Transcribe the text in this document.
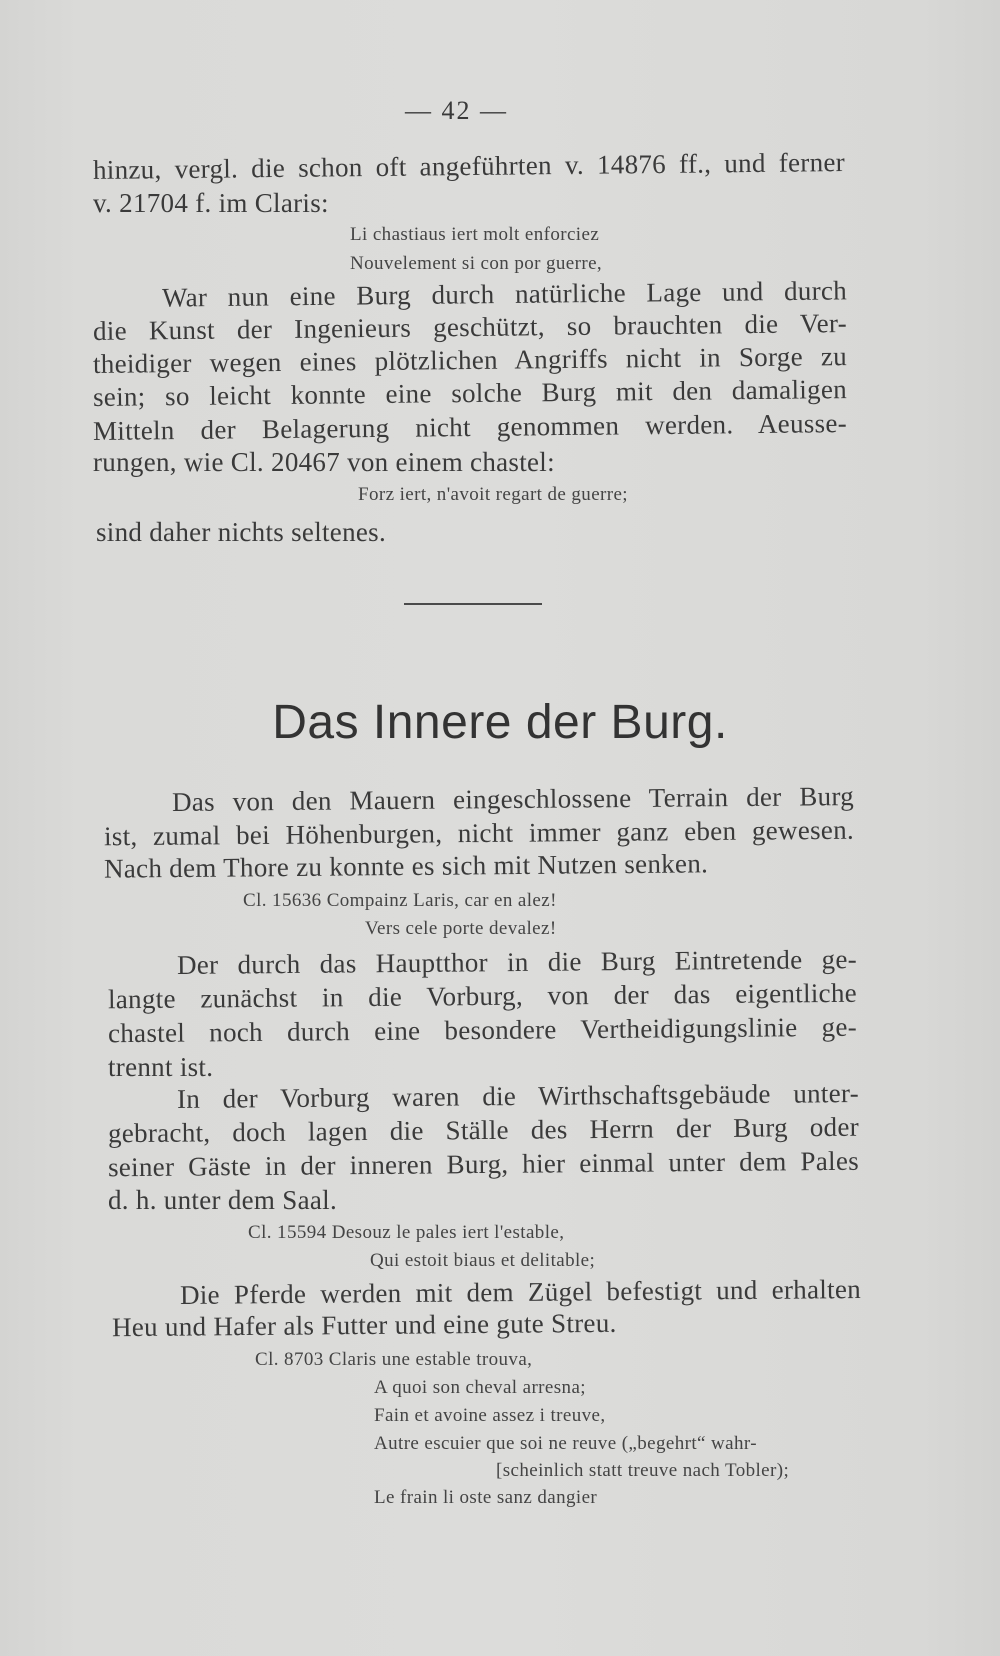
— 42 —
hinzu, vergl. die schon oft angeführten v. 14876 ff., und ferner
v. 21704 f. im Claris:
Li chastiaus iert molt enforciez
Nouvelement si con por guerre,
War nun eine Burg durch natürliche Lage und durch
die Kunst der Ingenieurs geschützt, so brauchten die Ver-
theidiger wegen eines plötzlichen Angriffs nicht in Sorge zu
sein; so leicht konnte eine solche Burg mit den damaligen
Mitteln der Belagerung nicht genommen werden. Aeusse-
rungen, wie Cl. 20467 von einem chastel:
Forz iert, n'avoit regart de guerre;
sind daher nichts seltenes.
Das Innere der Burg.
Das von den Mauern eingeschlossene Terrain der Burg
ist, zumal bei Höhenburgen, nicht immer ganz eben gewesen.
Nach dem Thore zu konnte es sich mit Nutzen senken.
Cl. 15636 Compainz Laris, car en alez!
Vers cele porte devalez!
Der durch das Hauptthor in die Burg Eintretende ge-
langte zunächst in die Vorburg, von der das eigentliche
chastel noch durch eine besondere Vertheidigungslinie ge-
trennt ist.
In der Vorburg waren die Wirthschaftsgebäude unter-
gebracht, doch lagen die Ställe des Herrn der Burg oder
seiner Gäste in der inneren Burg, hier einmal unter dem Pales
d. h. unter dem Saal.
Cl. 15594 Desouz le pales iert l'estable,
Qui estoit biaus et delitable;
Die Pferde werden mit dem Zügel befestigt und erhalten
Heu und Hafer als Futter und eine gute Streu.
Cl. 8703 Claris une estable trouva,
A quoi son cheval arresna;
Fain et avoine assez i treuve,
Autre escuier que soi ne reuve („begehrt“ wahr-
[scheinlich statt treuve nach Tobler);
Le frain li oste sanz dangier
